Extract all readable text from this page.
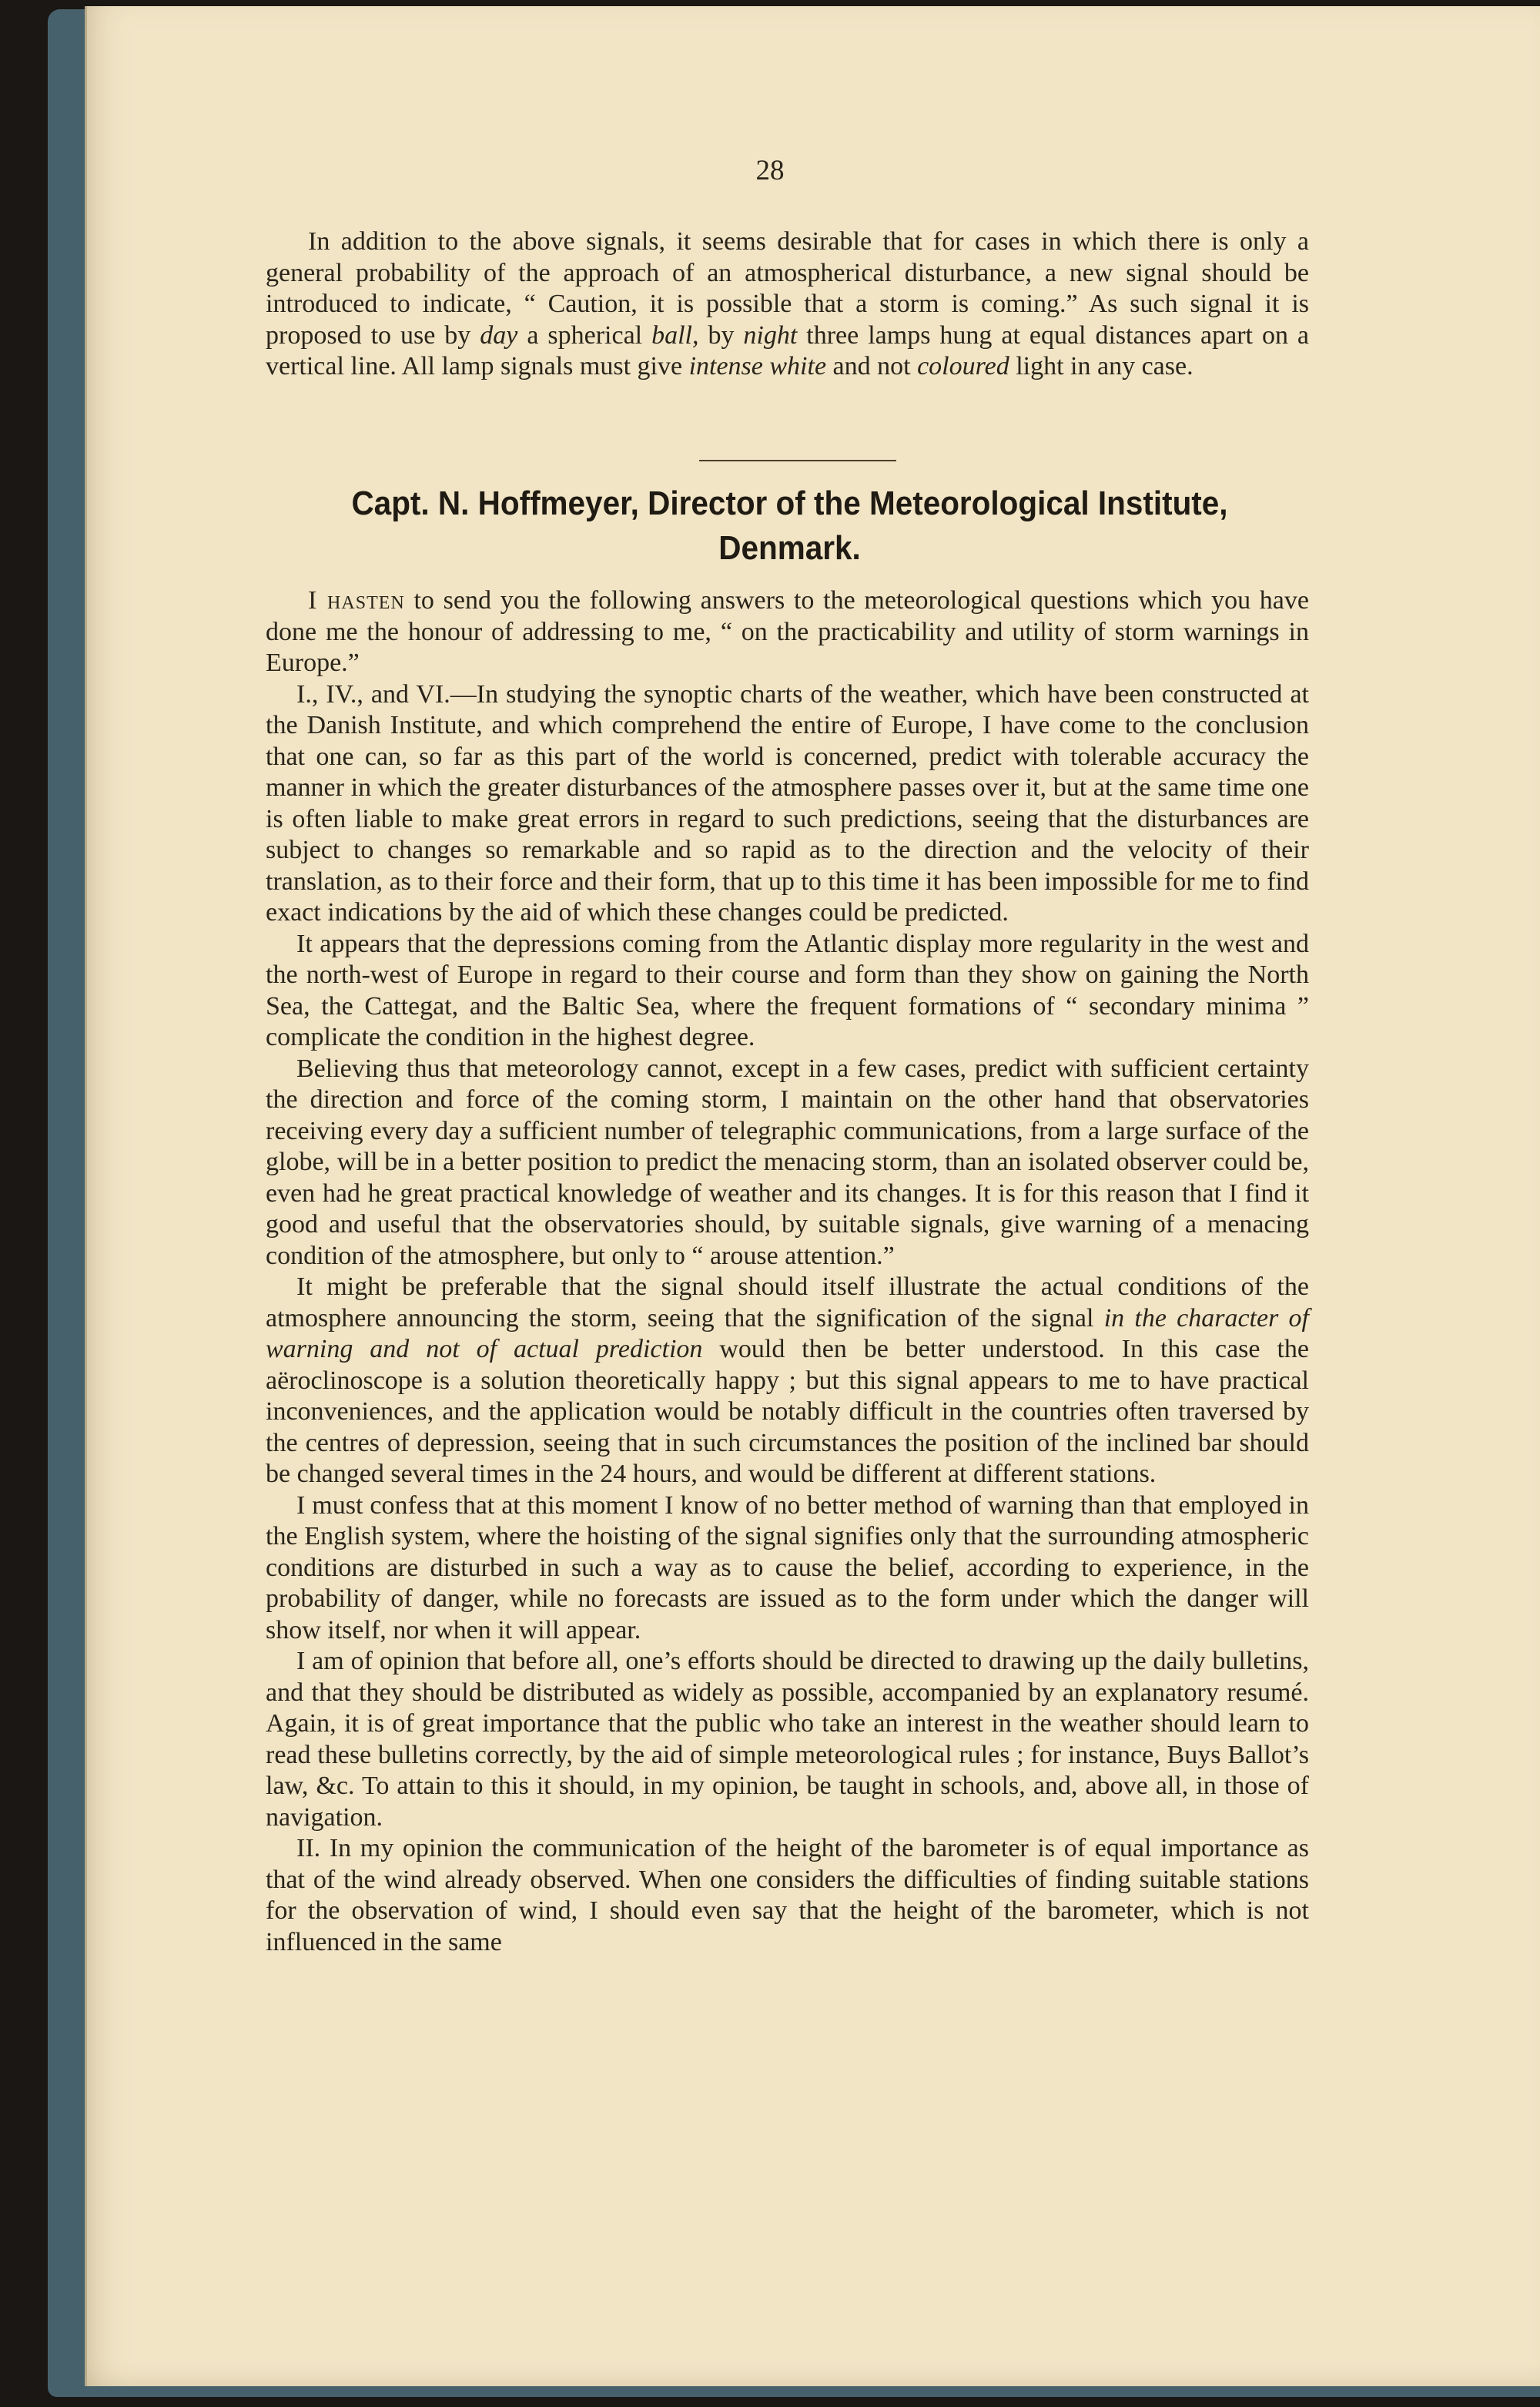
28

In addition to the above signals, it seems desirable that for cases in which there is only a general probability of the approach of an atmospherical disturbance, a new signal should be introduced to indicate, “ Caution, it is possible that a storm is coming.” As such signal it is proposed to use by day a spherical ball, by night three lamps hung at equal distances apart on a vertical line. All lamp signals must give intense white and not coloured light in any case.

Capt. N. Hoffmeyer, Director of the Meteorological Institute, Denmark.

I hasten to send you the following answers to the meteorological questions which you have done me the honour of addressing to me, “ on the practicability and utility of storm warnings in Europe.”

I., IV., and VI.—In studying the synoptic charts of the weather, which have been constructed at the Danish Institute, and which comprehend the entire of Europe, I have come to the conclusion that one can, so far as this part of the world is concerned, predict with tolerable accuracy the manner in which the greater disturbances of the atmosphere passes over it, but at the same time one is often liable to make great errors in regard to such predictions, seeing that the disturbances are subject to changes so remarkable and so rapid as to the direction and the velocity of their translation, as to their force and their form, that up to this time it has been impossible for me to find exact indications by the aid of which these changes could be predicted.

It appears that the depressions coming from the Atlantic display more regularity in the west and the north-west of Europe in regard to their course and form than they show on gaining the North Sea, the Cattegat, and the Baltic Sea, where the frequent formations of “ secondary minima ” complicate the condition in the highest degree.

Believing thus that meteorology cannot, except in a few cases, predict with sufficient certainty the direction and force of the coming storm, I maintain on the other hand that observatories receiving every day a sufficient number of telegraphic communications, from a large surface of the globe, will be in a better position to predict the menacing storm, than an isolated observer could be, even had he great practical knowledge of weather and its changes. It is for this reason that I find it good and useful that the observatories should, by suitable signals, give warning of a menacing condition of the atmosphere, but only to “ arouse attention.”

It might be preferable that the signal should itself illustrate the actual conditions of the atmosphere announcing the storm, seeing that the signification of the signal in the character of warning and not of actual prediction would then be better understood. In this case the aëroclinoscope is a solution theoretically happy ; but this signal appears to me to have practical inconveniences, and the application would be notably difficult in the countries often traversed by the centres of depression, seeing that in such circumstances the position of the inclined bar should be changed several times in the 24 hours, and would be different at different stations.

I must confess that at this moment I know of no better method of warning than that employed in the English system, where the hoisting of the signal signifies only that the surrounding atmospheric conditions are disturbed in such a way as to cause the belief, according to experience, in the probability of danger, while no forecasts are issued as to the form under which the danger will show itself, nor when it will appear.

I am of opinion that before all, one’s efforts should be directed to drawing up the daily bulletins, and that they should be distributed as widely as possible, accompanied by an explanatory resumé. Again, it is of great importance that the public who take an interest in the weather should learn to read these bulletins correctly, by the aid of simple meteorological rules ; for instance, Buys Ballot’s law, &c. To attain to this it should, in my opinion, be taught in schools, and, above all, in those of navigation.

II. In my opinion the communication of the height of the barometer is of equal importance as that of the wind already observed. When one considers the difficulties of finding suitable stations for the observation of wind, I should even say that the height of the barometer, which is not influenced in the same
